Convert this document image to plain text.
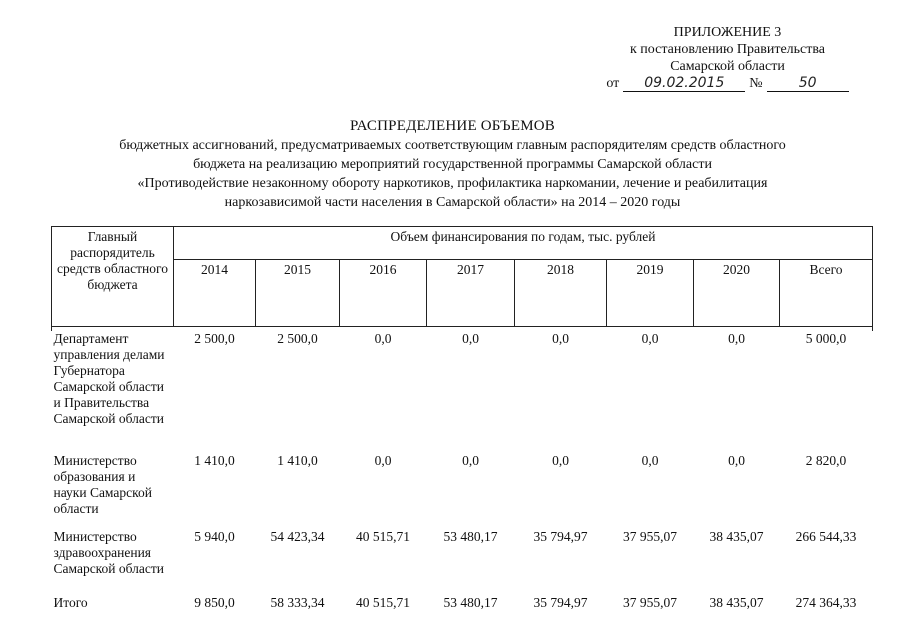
ПРИЛОЖЕНИЕ 3
к постановлению Правительства
Самарской области
от	09.02.2015	№	50
РАСПРЕДЕЛЕНИЕ ОБЪЕМОВ
бюджетных ассигнований, предусматриваемых соответствующим главным распорядителям средств областного
бюджета на реализацию мероприятий государственной программы Самарской области
«Противодействие незаконному обороту наркотиков, профилактика наркомании, лечение и реабилитация
наркозависимой части населения в Самарской области» на 2014 – 2020 годы
Главный распорядитель средств областного бюджета	Объем финансирования по годам, тыс. рублей							
	2014	2015	2016	2017	2018	2019	2020	Всего

Департамент управления делами Губернатора Самарской области и Правительства Самарской области	2 500,0	2 500,0	0,0	0,0	0,0	0,0	0,0	5 000,0
Министерство образования и науки Самарской области	1 410,0	1 410,0	0,0	0,0	0,0	0,0	0,0	2 820,0
Министерство здравоохранения Самарской области	5 940,0	54 423,34	40 515,71	53 480,17	35 794,97	37 955,07	38 435,07	266 544,33
Итого	9 850,0	58 333,34	40 515,71	53 480,17	35 794,97	37 955,07	38 435,07	274 364,33
